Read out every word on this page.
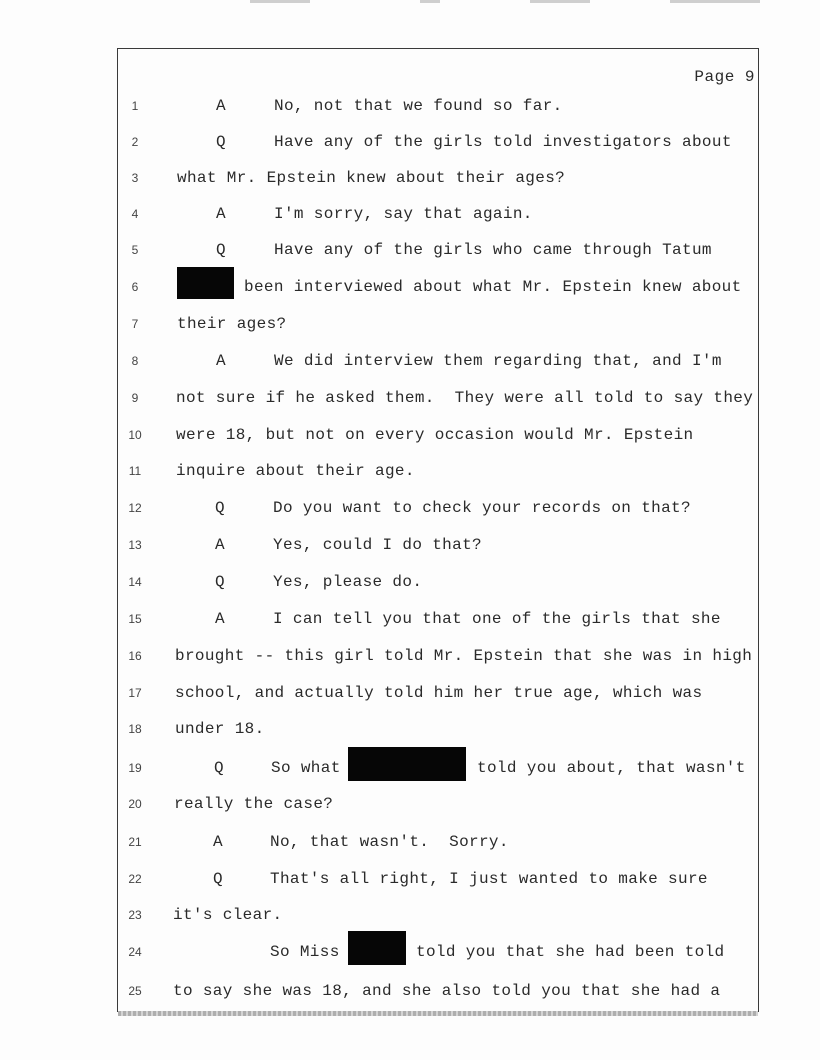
Page 9
1	A	No, not that we found so far.
2	Q	Have any of the girls told investigators about
3	what Mr. Epstein knew about their ages?
4	A	I'm sorry, say that again.
5	Q	Have any of the girls who came through Tatum
6	been interviewed about what Mr. Epstein knew about
7	their ages?
8	A	We did interview them regarding that, and I'm
9	not sure if he asked them.  They were all told to say they
10	were 18, but not on every occasion would Mr. Epstein
11	inquire about their age.
12	Q	Do you want to check your records on that?
13	A	Yes, could I do that?
14	Q	Yes, please do.
15	A	I can tell you that one of the girls that she
16	brought -- this girl told Mr. Epstein that she was in high
17	school, and actually told him her true age, which was
18	under 18.
19	Q	So what	told you about, that wasn't
20	really the case?
21	A	No, that wasn't.  Sorry.
22	Q	That's all right, I just wanted to make sure
23	it's clear.
24	So Miss	told you that she had been told
25	to say she was 18, and she also told you that she had a
